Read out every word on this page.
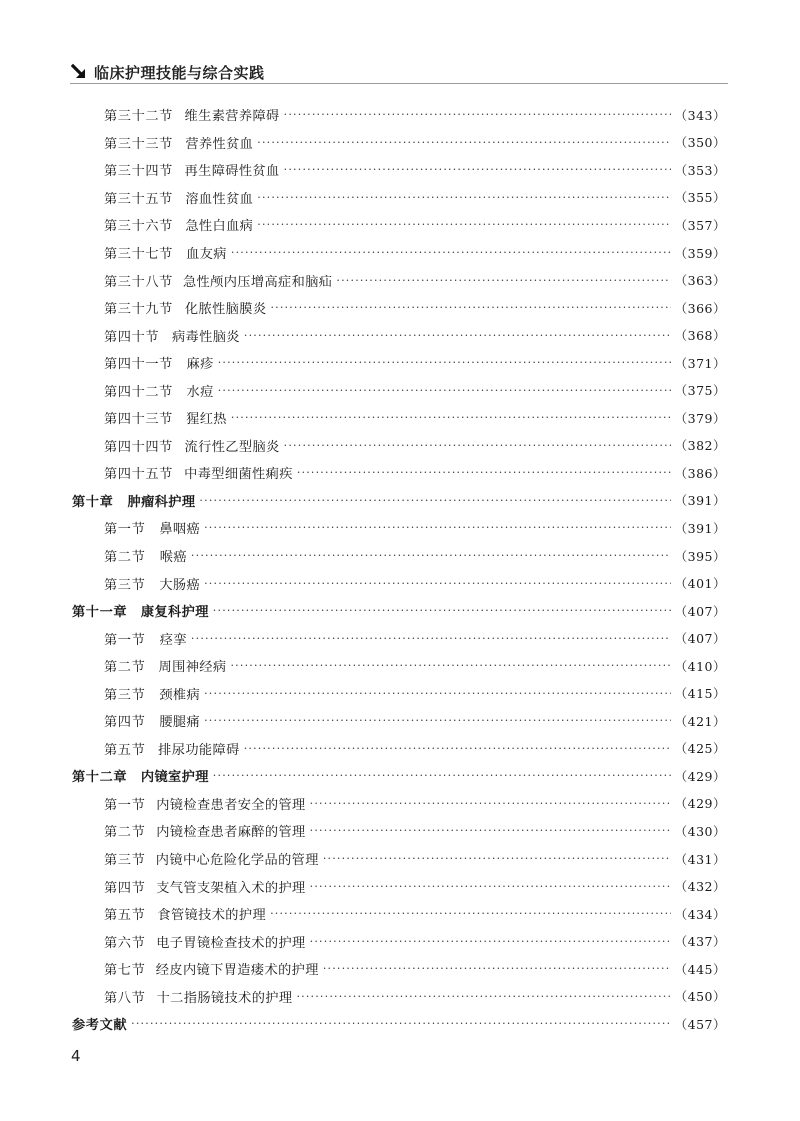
临床护理技能与综合实践
第三十二节 维生素营养障碍 ·····	（343）
第三十三节 营养性贫血 ·····	（350）
第三十四节 再生障碍性贫血 ·····	（353）
第三十五节 溶血性贫血 ·····	（355）
第三十六节 急性白血病 ·····	（357）
第三十七节 血友病 ·····	（359）
第三十八节 急性颅内压增高症和脑疝 ·····	（363）
第三十九节 化脓性脑膜炎 ·····	（366）
第四十节 病毒性脑炎 ·····	（368）
第四十一节 麻疹 ·····	（371）
第四十二节 水痘 ·····	（375）
第四十三节 猩红热 ·····	（379）
第四十四节 流行性乙型脑炎 ·····	（382）
第四十五节 中毒型细菌性痢疾 ·····	（386）
第十章 肿瘤科护理 ·····	（391）
第一节 鼻咽癌 ·····	（391）
第二节 喉癌 ·····	（395）
第三节 大肠癌 ·····	（401）
第十一章 康复科护理 ·····	（407）
第一节 痉挛 ·····	（407）
第二节 周围神经病 ·····	（410）
第三节 颈椎病 ·····	（415）
第四节 腰腿痛 ·····	（421）
第五节 排尿功能障碍 ·····	（425）
第十二章 内镜室护理 ·····	（429）
第一节 内镜检查患者安全的管理 ·····	（429）
第二节 内镜检查患者麻醉的管理 ·····	（430）
第三节 内镜中心危险化学品的管理 ·····	（431）
第四节 支气管支架植入术的护理 ·····	（432）
第五节 食管镜技术的护理 ·····	（434）
第六节 电子胃镜检查技术的护理 ·····	（437）
第七节 经皮内镜下胃造瘘术的护理 ·····	（445）
第八节 十二指肠镜技术的护理 ·····	（450）
参考文献 ·····	（457）
4
